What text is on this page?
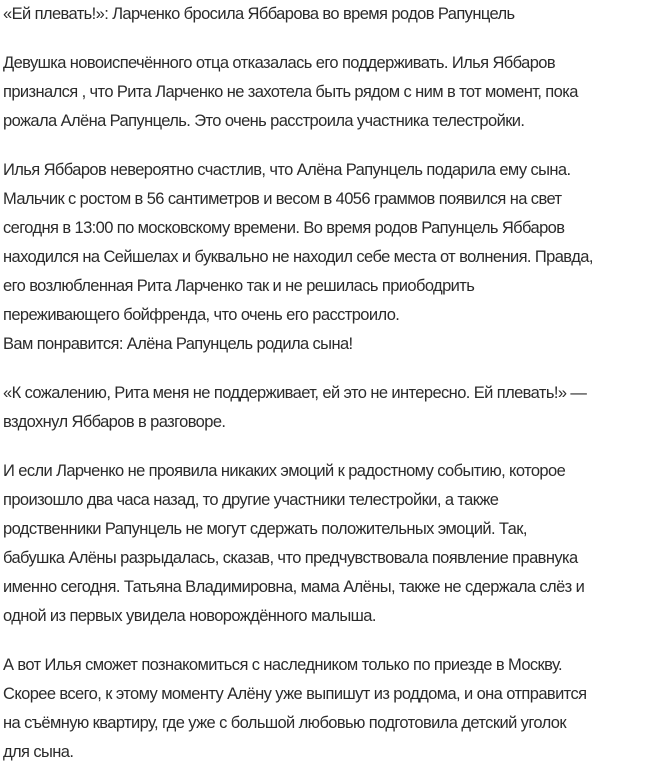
«Ей плевать!»: Ларченко бросила Яббарова во время родов Рапунцель

Девушка новоиспечённого отца отказалась его поддерживать. Илья Яббаров
признался , что Рита Ларченко не захотела быть рядом с ним в тот момент, пока
рожала Алёна Рапунцель. Это очень расстроила участника телестройки.

Илья Яббаров невероятно счастлив, что Алёна Рапунцель подарила ему сына.
Мальчик с ростом в 56 сантиметров и весом в 4056 граммов появился на свет
сегодня в 13:00 по московскому времени. Во время родов Рапунцель Яббаров
находился на Сейшелах и буквально не находил себе места от волнения. Правда,
его возлюбленная Рита Ларченко так и не решилась приободрить
переживающего бойфренда, что очень его расстроило.
Вам понравится: Алёна Рапунцель родила сына!

«К сожалению, Рита меня не поддерживает, ей это не интересно. Ей плевать!» —
вздохнул Яббаров в разговоре.

И если Ларченко не проявила никаких эмоций к радостному событию, которое
произошло два часа назад, то другие участники телестройки, а также
родственники Рапунцель не могут сдержать положительных эмоций. Так,
бабушка Алёны разрыдалась, сказав, что предчувствовала появление правнука
именно сегодня. Татьяна Владимировна, мама Алёны, также не сдержала слёз и
одной из первых увидела новорождённого малыша.

А вот Илья сможет познакомиться с наследником только по приезде в Москву.
Скорее всего, к этому моменту Алёну уже выпишут из роддома, и она отправится
на съёмную квартиру, где уже с большой любовью подготовила детский уголок
для сына.
